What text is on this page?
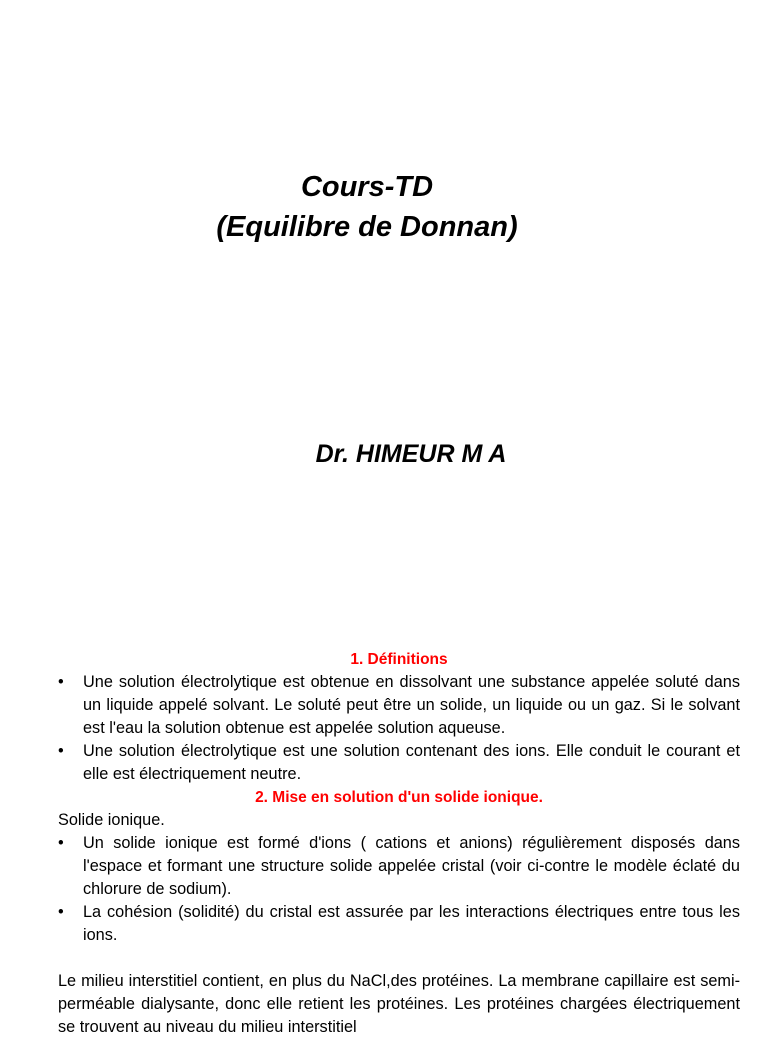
Cours-TD
(Equilibre de Donnan)
Dr. HIMEUR M A
1. Définitions
•	Une solution électrolytique est obtenue en dissolvant une substance appelée soluté dans un liquide appelé solvant. Le soluté peut être un solide, un liquide ou un gaz. Si le solvant est l'eau la solution obtenue est appelée solution aqueuse.
•	Une solution électrolytique est une solution contenant des ions. Elle conduit le courant et elle est électriquement neutre.
2. Mise en solution d'un solide ionique.

Solide ionique.

•	Un solide ionique est formé d'ions ( cations et anions) régulièrement disposés dans l'espace et formant une structure solide appelée cristal (voir ci-contre le modèle éclaté du chlorure de sodium).
•	La cohésion (solidité) du cristal est assurée par les interactions électriques entre tous les ions.

Le milieu interstitiel contient, en plus du NaCl,des protéines. La membrane capillaire est semi-perméable dialysante, donc elle retient les protéines. Les protéines chargées électriquement se trouvent au niveau du milieu interstitiel
